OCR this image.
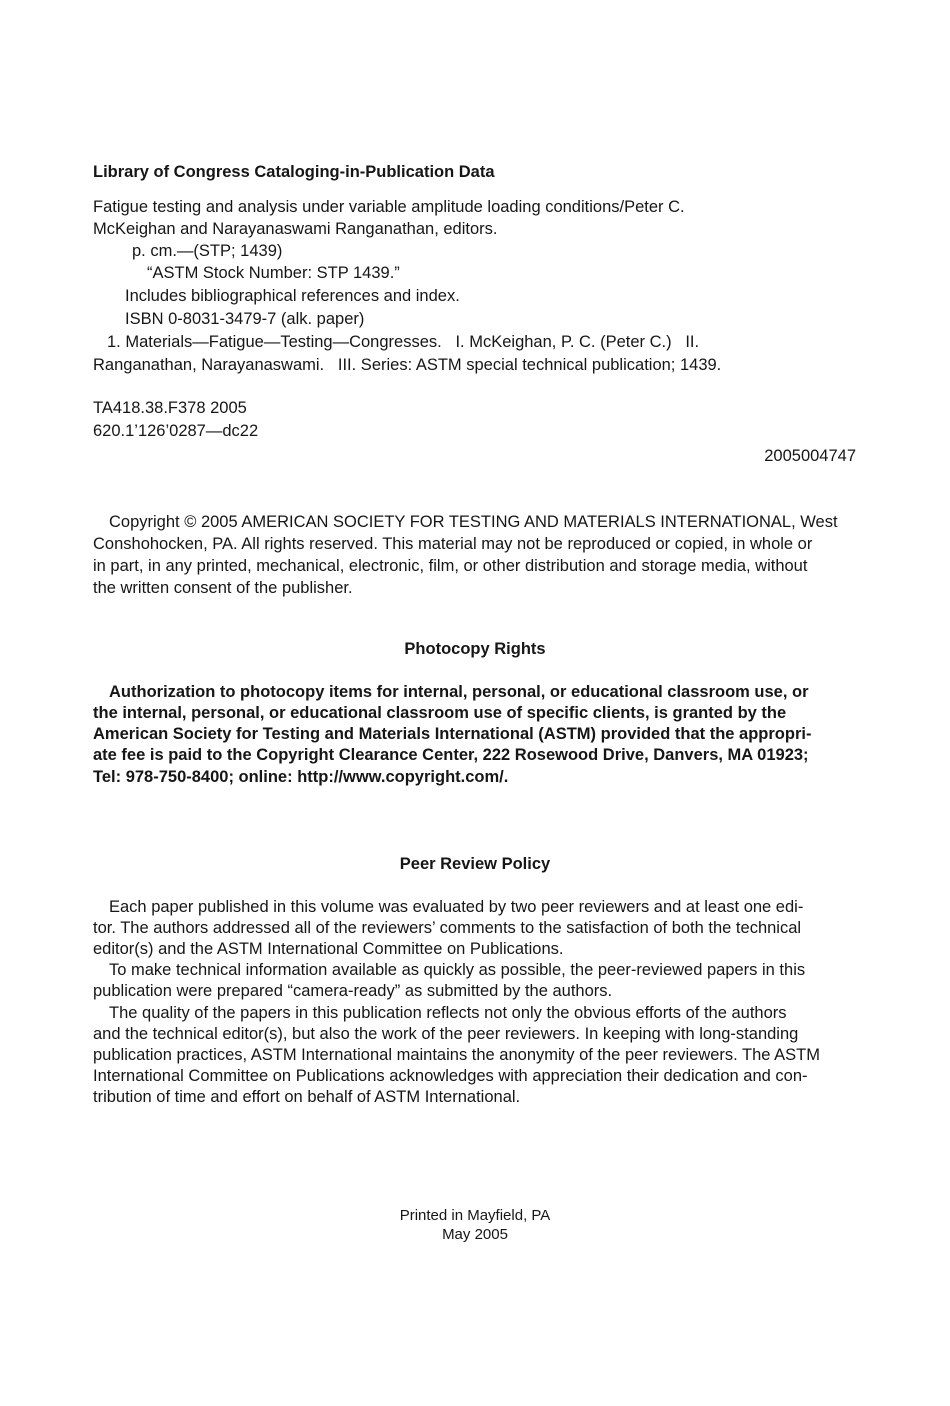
Library of Congress Cataloging-in-Publication Data
Fatigue testing and analysis under variable amplitude loading conditions/Peter C.
McKeighan and Narayanaswami Ranganathan, editors.
p. cm.—(STP; 1439)
“ASTM Stock Number: STP 1439.”
Includes bibliographical references and index.
ISBN 0-8031-3479-7 (alk. paper)
1. Materials—Fatigue—Testing—Congresses.   I. McKeighan, P. C. (Peter C.)   II.
Ranganathan, Narayanaswami.   III. Series: ASTM special technical publication; 1439.
TA418.38.F378 2005
620.1’126’0287—dc22
2005004747
Copyright © 2005 AMERICAN SOCIETY FOR TESTING AND MATERIALS INTERNATIONAL, West
Conshohocken, PA. All rights reserved. This material may not be reproduced or copied, in whole or
in part, in any printed, mechanical, electronic, film, or other distribution and storage media, without
the written consent of the publisher.
Photocopy Rights
Authorization to photocopy items for internal, personal, or educational classroom use, or
the internal, personal, or educational classroom use of specific clients, is granted by the
American Society for Testing and Materials International (ASTM) provided that the appropri-
ate fee is paid to the Copyright Clearance Center, 222 Rosewood Drive, Danvers, MA 01923;
Tel: 978-750-8400; online: http://www.copyright.com/.
Peer Review Policy
Each paper published in this volume was evaluated by two peer reviewers and at least one edi-
tor. The authors addressed all of the reviewers’ comments to the satisfaction of both the technical
editor(s) and the ASTM International Committee on Publications.
To make technical information available as quickly as possible, the peer-reviewed papers in this
publication were prepared “camera-ready” as submitted by the authors.
The quality of the papers in this publication reflects not only the obvious efforts of the authors
and the technical editor(s), but also the work of the peer reviewers. In keeping with long-standing
publication practices, ASTM International maintains the anonymity of the peer reviewers. The ASTM
International Committee on Publications acknowledges with appreciation their dedication and con-
tribution of time and effort on behalf of ASTM International.
Printed in Mayfield, PA
May 2005
